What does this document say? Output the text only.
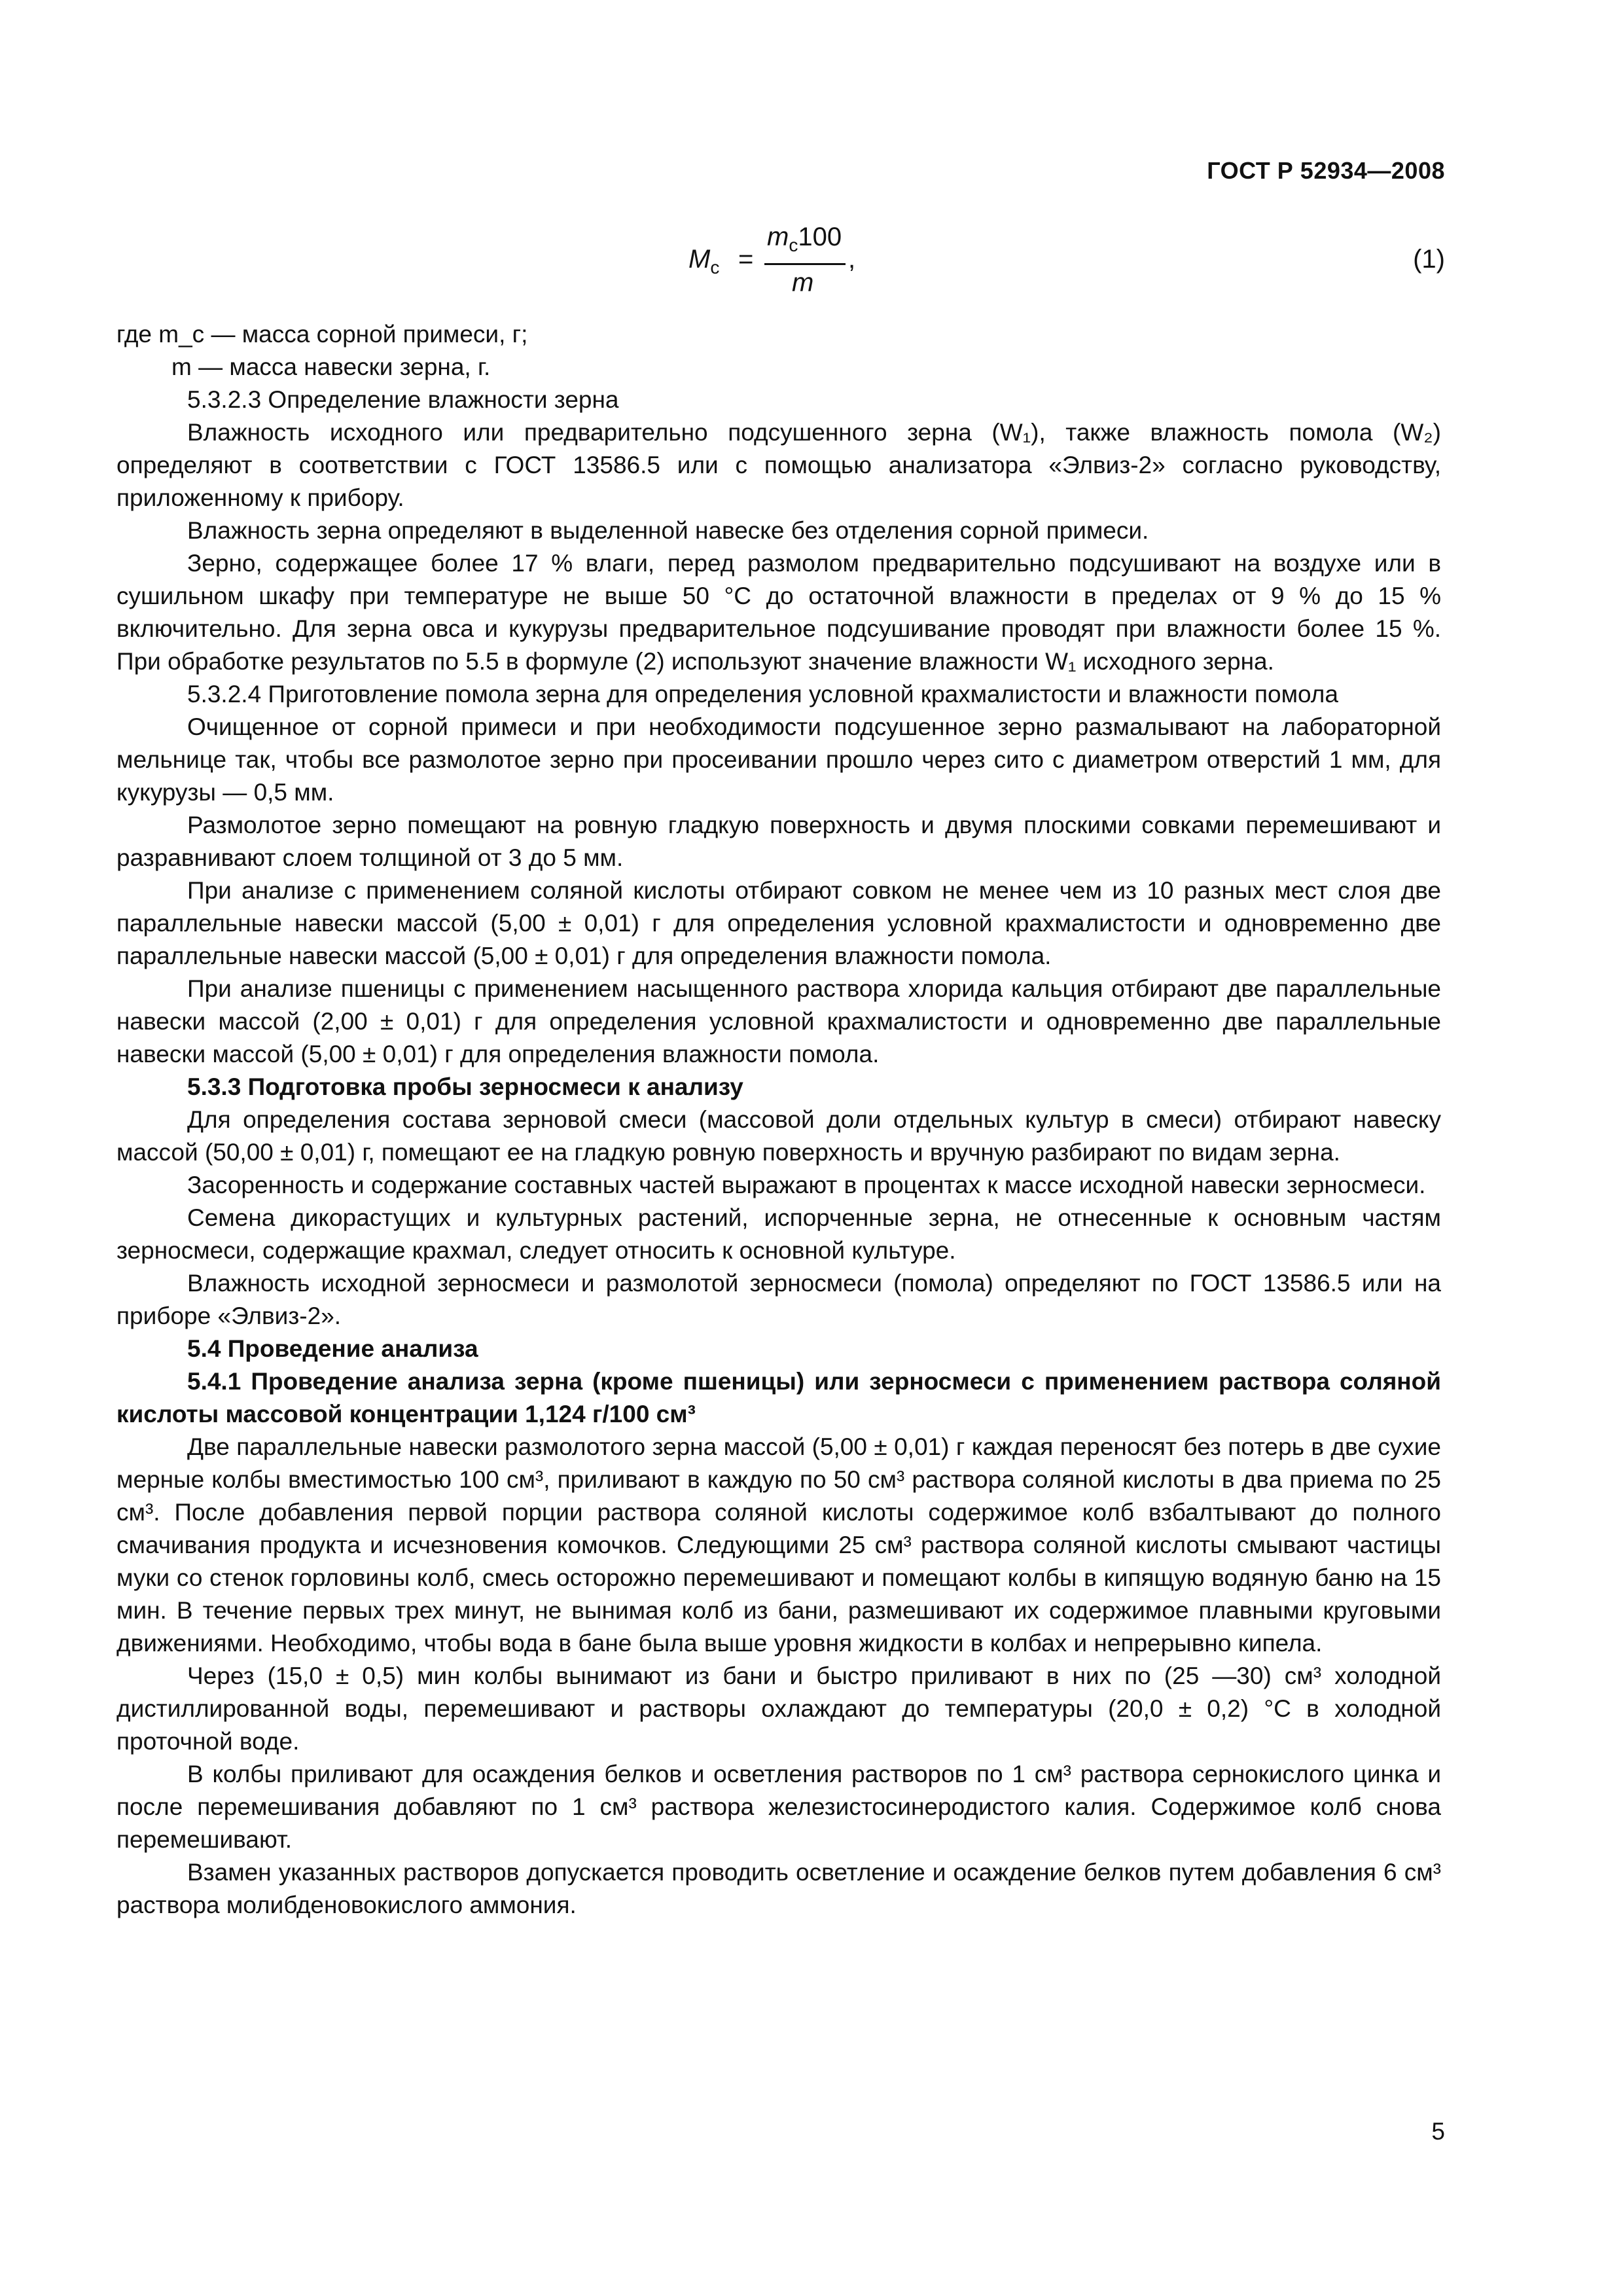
ГОСТ Р 52934—2008
$M_c$ =
$m_c100$
m
,	(1)

где m_c — масса сорной примеси, г;

m — масса навески зерна, г.

5.3.2.3 Определение влажности зерна

Влажность исходного или предварительно подсушенного зерна (W₁), также влажность помола (W₂) определяют в соответствии с ГОСТ 13586.5 или с помощью анализатора «Элвиз-2» согласно руководству, приложенному к прибору.

Влажность зерна определяют в выделенной навеске без отделения сорной примеси.

Зерно, содержащее более 17 % влаги, перед размолом предварительно подсушивают на воздухе или в сушильном шкафу при температуре не выше 50 °С до остаточной влажности в пределах от 9 % до 15 % включительно. Для зерна овса и кукурузы предварительное подсушивание проводят при влажности более 15 %. При обработке результатов по 5.5 в формуле (2) используют значение влажности W₁ исходного зерна.

5.3.2.4 Приготовление помола зерна для определения условной крахмалистости и влажности помола

Очищенное от сорной примеси и при необходимости подсушенное зерно размалывают на лабораторной мельнице так, чтобы все размолотое зерно при просеивании прошло через сито с диаметром отверстий 1 мм, для кукурузы — 0,5 мм.

Размолотое зерно помещают на ровную гладкую поверхность и двумя плоскими совками перемешивают и разравнивают слоем толщиной от 3 до 5 мм.

При анализе с применением соляной кислоты отбирают совком не менее чем из 10 разных мест слоя две параллельные навески массой (5,00 ± 0,01) г для определения условной крахмалистости и одновременно две параллельные навески массой (5,00 ± 0,01) г для определения влажности помола.

При анализе пшеницы с применением насыщенного раствора хлорида кальция отбирают две параллельные навески массой (2,00 ± 0,01) г для определения условной крахмалистости и одновременно две параллельные навески массой (5,00 ± 0,01) г для определения влажности помола.

5.3.3 Подготовка пробы зерносмеси к анализу

Для определения состава зерновой смеси (массовой доли отдельных культур в смеси) отбирают навеску массой (50,00 ± 0,01) г, помещают ее на гладкую ровную поверхность и вручную разбирают по видам зерна.

Засоренность и содержание составных частей выражают в процентах к массе исходной навески зерносмеси.

Семена дикорастущих и культурных растений, испорченные зерна, не отнесенные к основным частям зерносмеси, содержащие крахмал, следует относить к основной культуре.

Влажность исходной зерносмеси и размолотой зерносмеси (помола) определяют по ГОСТ 13586.5 или на приборе «Элвиз-2».

5.4 Проведение анализа

5.4.1 Проведение анализа зерна (кроме пшеницы) или зерносмеси с применением раствора соляной кислоты массовой концентрации 1,124 г/100 см³

Две параллельные навески размолотого зерна массой (5,00 ± 0,01) г каждая переносят без потерь в две сухие мерные колбы вместимостью 100 см³, приливают в каждую по 50 см³ раствора соляной кислоты в два приема по 25 см³. После добавления первой порции раствора соляной кислоты содержимое колб взбалтывают до полного смачивания продукта и исчезновения комочков. Следующими 25 см³ раствора соляной кислоты смывают частицы муки со стенок горловины колб, смесь осторожно перемешивают и помещают колбы в кипящую водяную баню на 15 мин. В течение первых трех минут, не вынимая колб из бани, размешивают их содержимое плавными круговыми движениями. Необходимо, чтобы вода в бане была выше уровня жидкости в колбах и непрерывно кипела.

Через (15,0 ± 0,5) мин колбы вынимают из бани и быстро приливают в них по (25 —30) см³ холодной дистиллированной воды, перемешивают и растворы охлаждают до температуры (20,0 ± 0,2) °С в холодной проточной воде.

В колбы приливают для осаждения белков и осветления растворов по 1 см³ раствора сернокислого цинка и после перемешивания добавляют по 1 см³ раствора железистосинеродистого калия. Содержимое колб снова перемешивают.

Взамен указанных растворов допускается проводить осветление и осаждение белков путем добавления 6 см³ раствора молибденовокислого аммония.

5
